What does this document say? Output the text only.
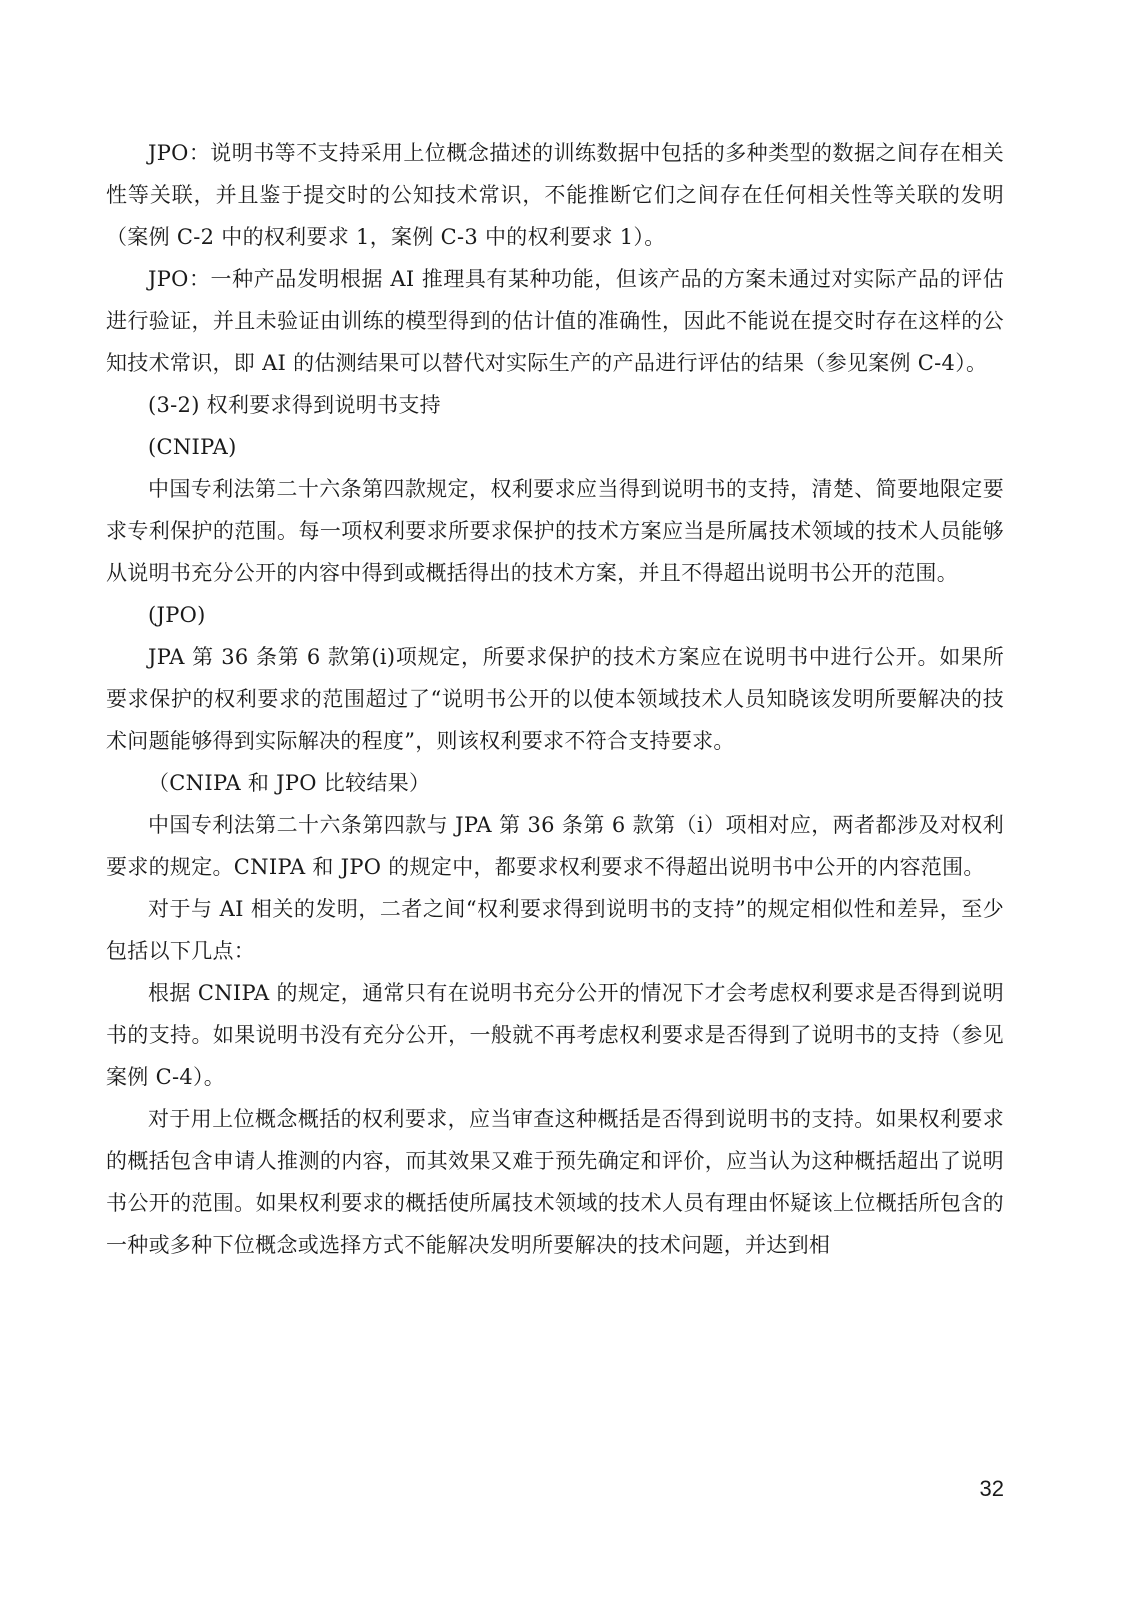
JPO：说明书等不支持采用上位概念描述的训练数据中包括的多种类型的数据之间存在相关性等关联，并且鉴于提交时的公知技术常识，不能推断它们之间存在任何相关性等关联的发明（案例 C-2 中的权利要求 1，案例 C-3 中的权利要求 1）。

JPO：一种产品发明根据 AI 推理具有某种功能，但该产品的方案未通过对实际产品的评估进行验证，并且未验证由训练的模型得到的估计值的准确性，因此不能说在提交时存在这样的公知技术常识，即 AI 的估测结果可以替代对实际生产的产品进行评估的结果（参见案例 C-4）。

(3-2) 权利要求得到说明书支持

(CNIPA)

中国专利法第二十六条第四款规定，权利要求应当得到说明书的支持，清楚、简要地限定要求专利保护的范围。每一项权利要求所要求保护的技术方案应当是所属技术领域的技术人员能够从说明书充分公开的内容中得到或概括得出的技术方案，并且不得超出说明书公开的范围。

(JPO)

JPA 第 36 条第 6 款第(i)项规定，所要求保护的技术方案应在说明书中进行公开。如果所要求保护的权利要求的范围超过了“说明书公开的以使本领域技术人员知晓该发明所要解决的技术问题能够得到实际解决的程度”，则该权利要求不符合支持要求。

（CNIPA 和 JPO 比较结果）

中国专利法第二十六条第四款与 JPA 第 36 条第 6 款第（i）项相对应，两者都涉及对权利要求的规定。CNIPA 和 JPO 的规定中，都要求权利要求不得超出说明书中公开的内容范围。

对于与 AI 相关的发明，二者之间“权利要求得到说明书的支持”的规定相似性和差异，至少包括以下几点：

根据 CNIPA 的规定，通常只有在说明书充分公开的情况下才会考虑权利要求是否得到说明书的支持。如果说明书没有充分公开，一般就不再考虑权利要求是否得到了说明书的支持（参见案例 C-4）。

对于用上位概念概括的权利要求，应当审查这种概括是否得到说明书的支持。如果权利要求的概括包含申请人推测的内容，而其效果又难于预先确定和评价，应当认为这种概括超出了说明书公开的范围。如果权利要求的概括使所属技术领域的技术人员有理由怀疑该上位概括所包含的一种或多种下位概念或选择方式不能解决发明所要解决的技术问题，并达到相

32
